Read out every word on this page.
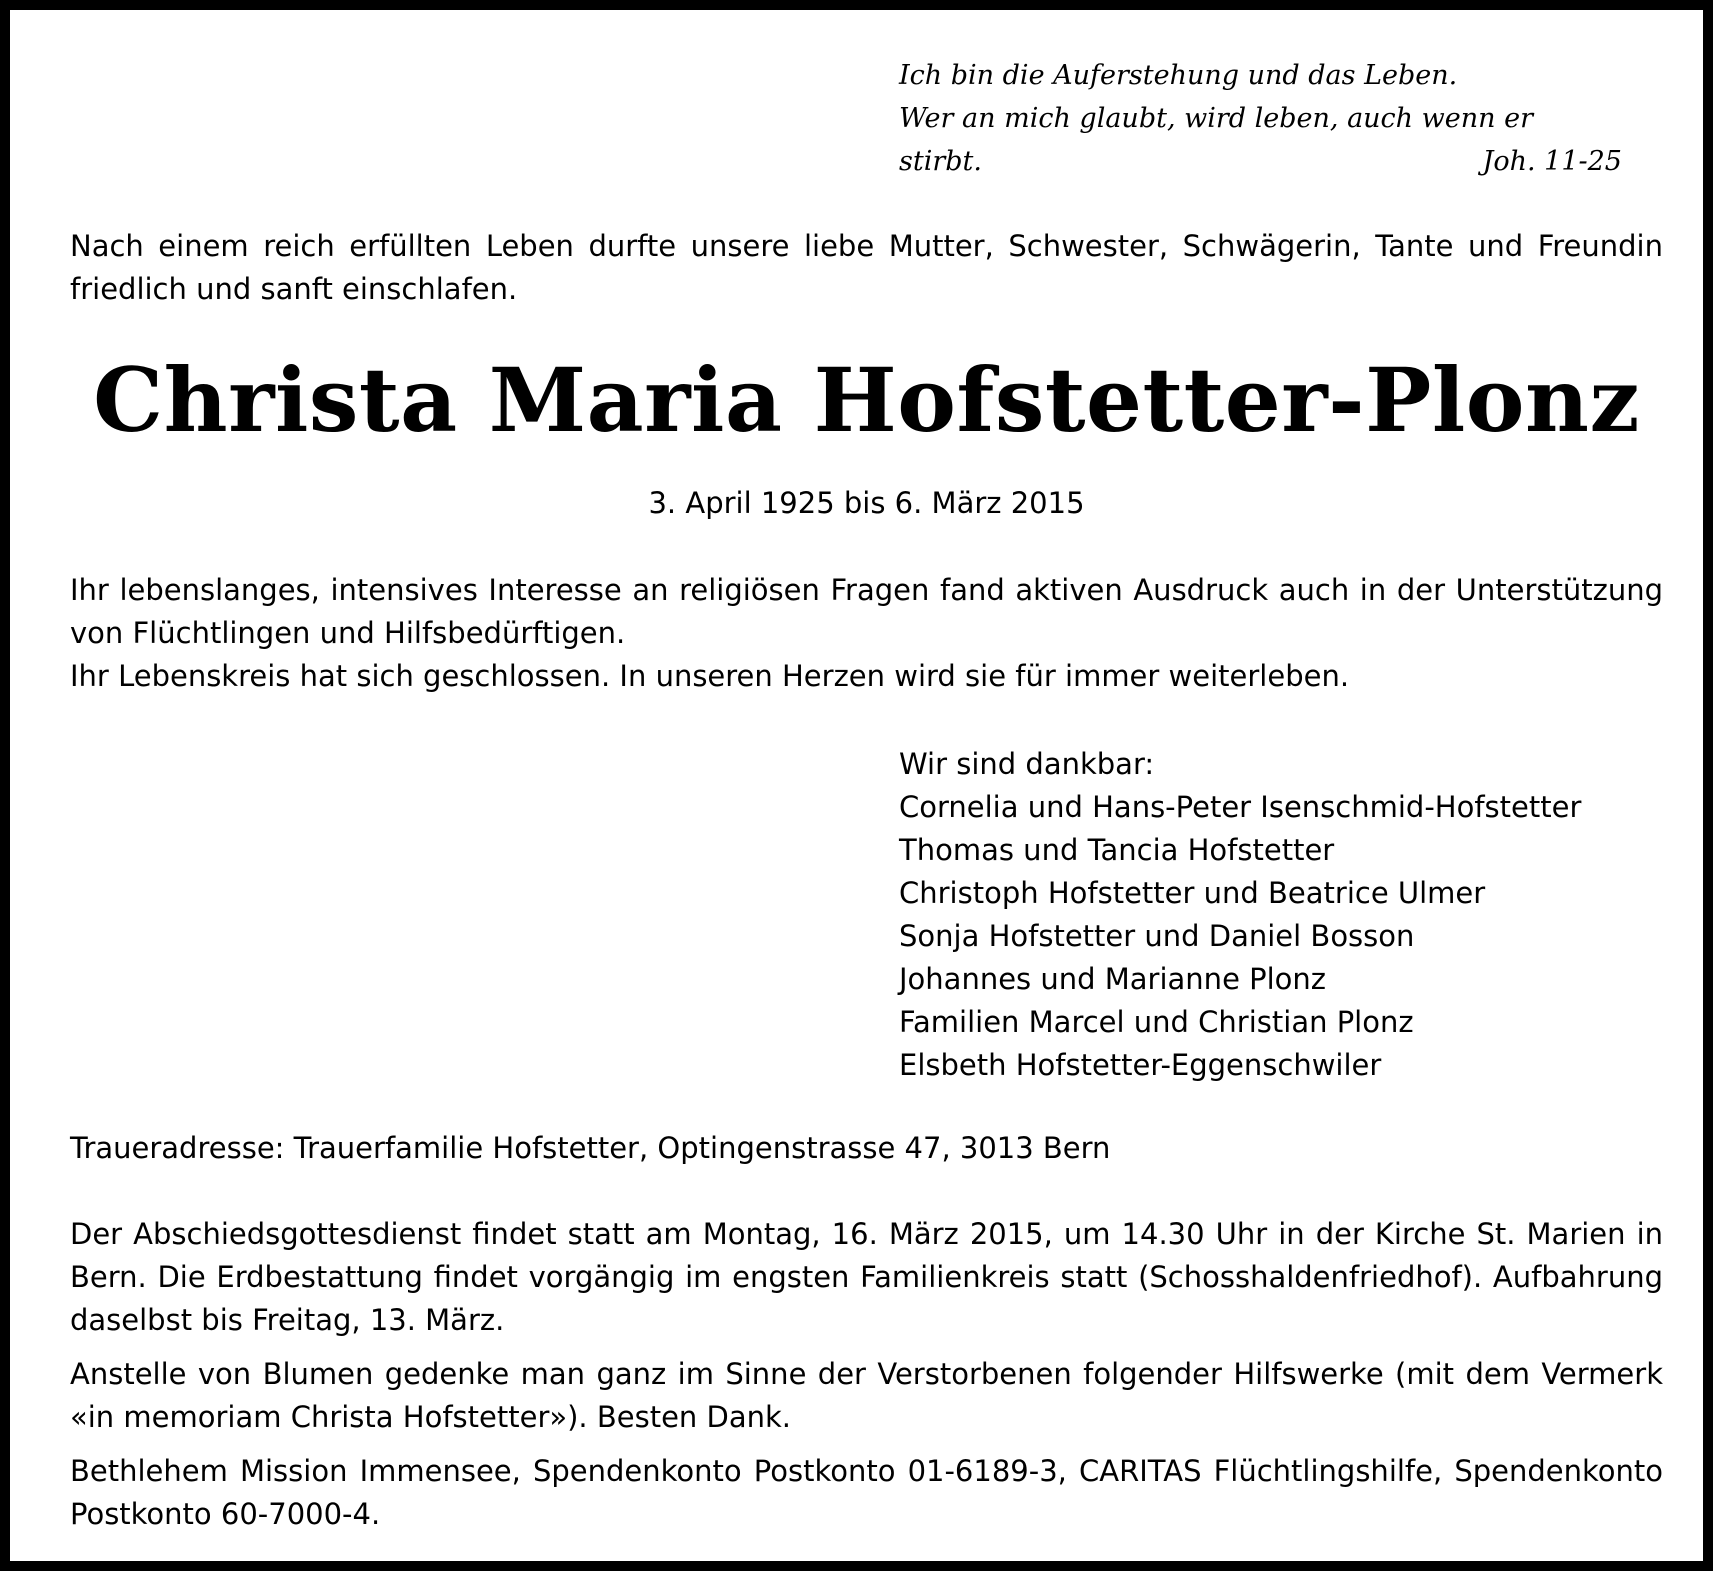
Ich bin die Auferstehung und das Leben.

Wer an mich glaubt, wird leben, auch wenn er stirbt.	Joh. 11-25

Nach einem reich erfüllten Leben durfte unsere liebe Mutter, Schwester, Schwägerin, Tante und Freundin friedlich und sanft einschlafen.

Christa Maria Hofstetter-Plonz

3. April 1925 bis 6. März 2015

Ihr lebenslanges, intensives Interesse an religiösen Fragen fand aktiven Ausdruck auch in der Unterstützung von Flüchtlingen und Hilfsbedürftigen.

Ihr Lebenskreis hat sich geschlossen. In unseren Herzen wird sie für immer weiterleben.

Wir sind dankbar:
Cornelia und Hans-Peter Isenschmid-Hofstetter
Thomas und Tancia Hofstetter
Christoph Hofstetter und Beatrice Ulmer
Sonja Hofstetter und Daniel Bosson
Johannes und Marianne Plonz
Familien Marcel und Christian Plonz
Elsbeth Hofstetter-Eggenschwiler

Traueradresse: Trauerfamilie Hofstetter, Optingenstrasse 47, 3013 Bern

Der Abschiedsgottesdienst findet statt am Montag, 16. März 2015, um 14.30 Uhr in der Kirche St. Marien in Bern. Die Erdbestattung findet vorgängig im engsten Familienkreis statt (Schosshaldenfriedhof). Aufbahrung daselbst bis Freitag, 13. März.

Anstelle von Blumen gedenke man ganz im Sinne der Verstorbenen folgender Hilfswerke (mit dem Vermerk «in memoriam Christa Hofstetter»). Besten Dank.

Bethlehem Mission Immensee, Spendenkonto Postkonto 01-6189-3, CARITAS Flüchtlingshilfe, Spendenkonto Postkonto 60-7000-4.
